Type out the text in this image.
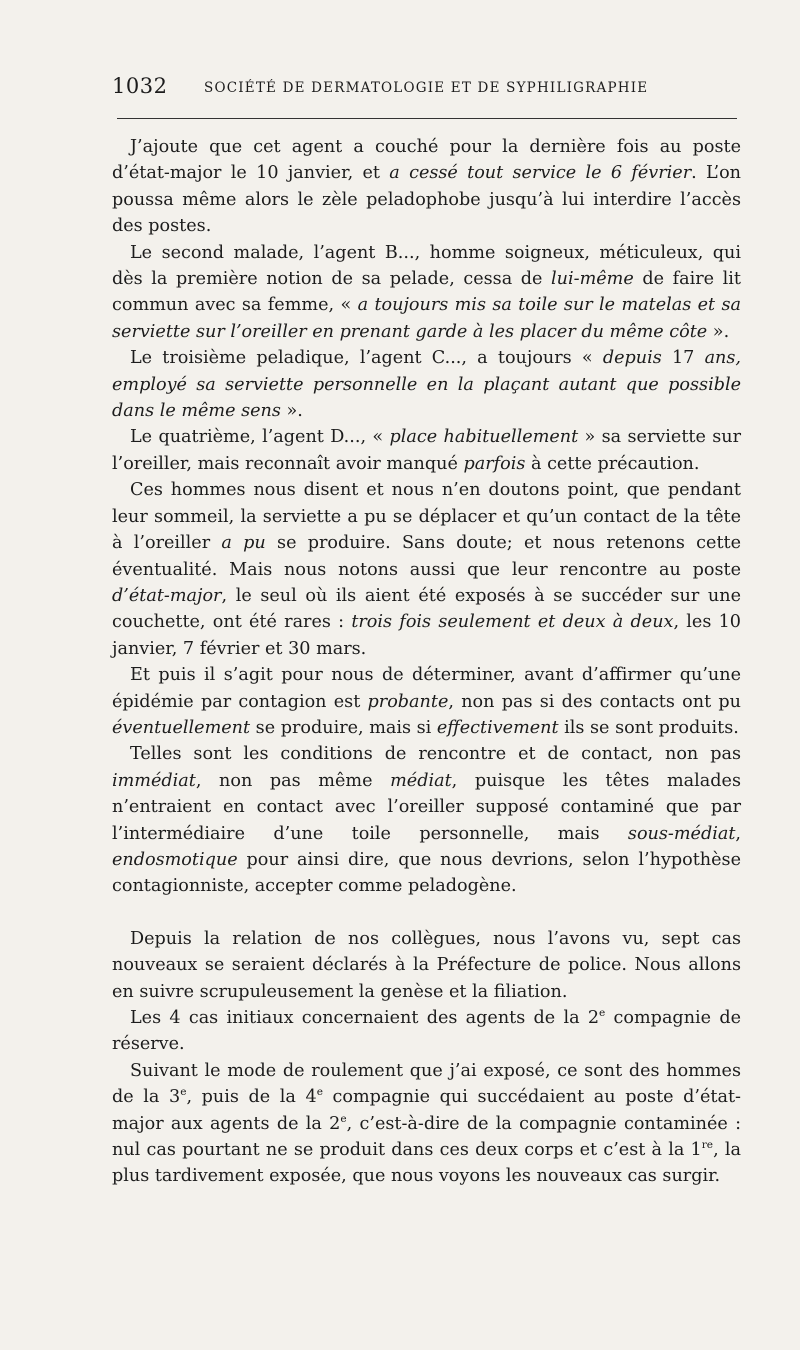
1032	SOCIÉTÉ DE DERMATOLOGIE ET DE SYPHILIGRAPHIE

J’ajoute que cet agent a couché pour la dernière fois au poste d’état-major le 10 janvier, et a cessé tout service le 6 février. L’on poussa même alors le zèle peladophobe jusqu’à lui interdire l’accès des postes.

Le second malade, l’agent B..., homme soigneux, méticuleux, qui dès la première notion de sa pelade, cessa de lui-même de faire lit commun avec sa femme, « a toujours mis sa toile sur le matelas et sa serviette sur l’oreiller en prenant garde à les placer du même côte ».

Le troisième peladique, l’agent C..., a toujours « depuis 17 ans, employé sa serviette personnelle en la plaçant autant que possible dans le même sens ».

Le quatrième, l’agent D..., « place habituellement » sa serviette sur l’oreiller, mais reconnaît avoir manqué parfois à cette précaution.

Ces hommes nous disent et nous n’en doutons point, que pendant leur sommeil, la serviette a pu se déplacer et qu’un contact de la tête à l’oreiller a pu se produire. Sans doute; et nous retenons cette éventualité. Mais nous notons aussi que leur rencontre au poste d’état-major, le seul où ils aient été exposés à se succéder sur une couchette, ont été rares : trois fois seulement et deux à deux, les 10 janvier, 7 février et 30 mars.

Et puis il s’agit pour nous de déterminer, avant d’affirmer qu’une épidémie par contagion est probante, non pas si des contacts ont pu éventuellement se produire, mais si effectivement ils se sont produits.

Telles sont les conditions de rencontre et de contact, non pas immédiat, non pas même médiat, puisque les têtes malades n’entraient en contact avec l’oreiller supposé contaminé que par l’intermédiaire d’une toile personnelle, mais sous-médiat, endosmotique pour ainsi dire, que nous devrions, selon l’hypothèse contagionniste, accepter comme peladogène.

Depuis la relation de nos collègues, nous l’avons vu, sept cas nouveaux se seraient déclarés à la Préfecture de police. Nous allons en suivre scrupuleusement la genèse et la filiation.

Les 4 cas initiaux concernaient des agents de la 2e compagnie de réserve.

Suivant le mode de roulement que j’ai exposé, ce sont des hommes de la 3e, puis de la 4e compagnie qui succédaient au poste d’état-major aux agents de la 2e, c’est-à-dire de la compagnie contaminée : nul cas pourtant ne se produit dans ces deux corps et c’est à la 1re, la plus tardivement exposée, que nous voyons les nouveaux cas surgir.
